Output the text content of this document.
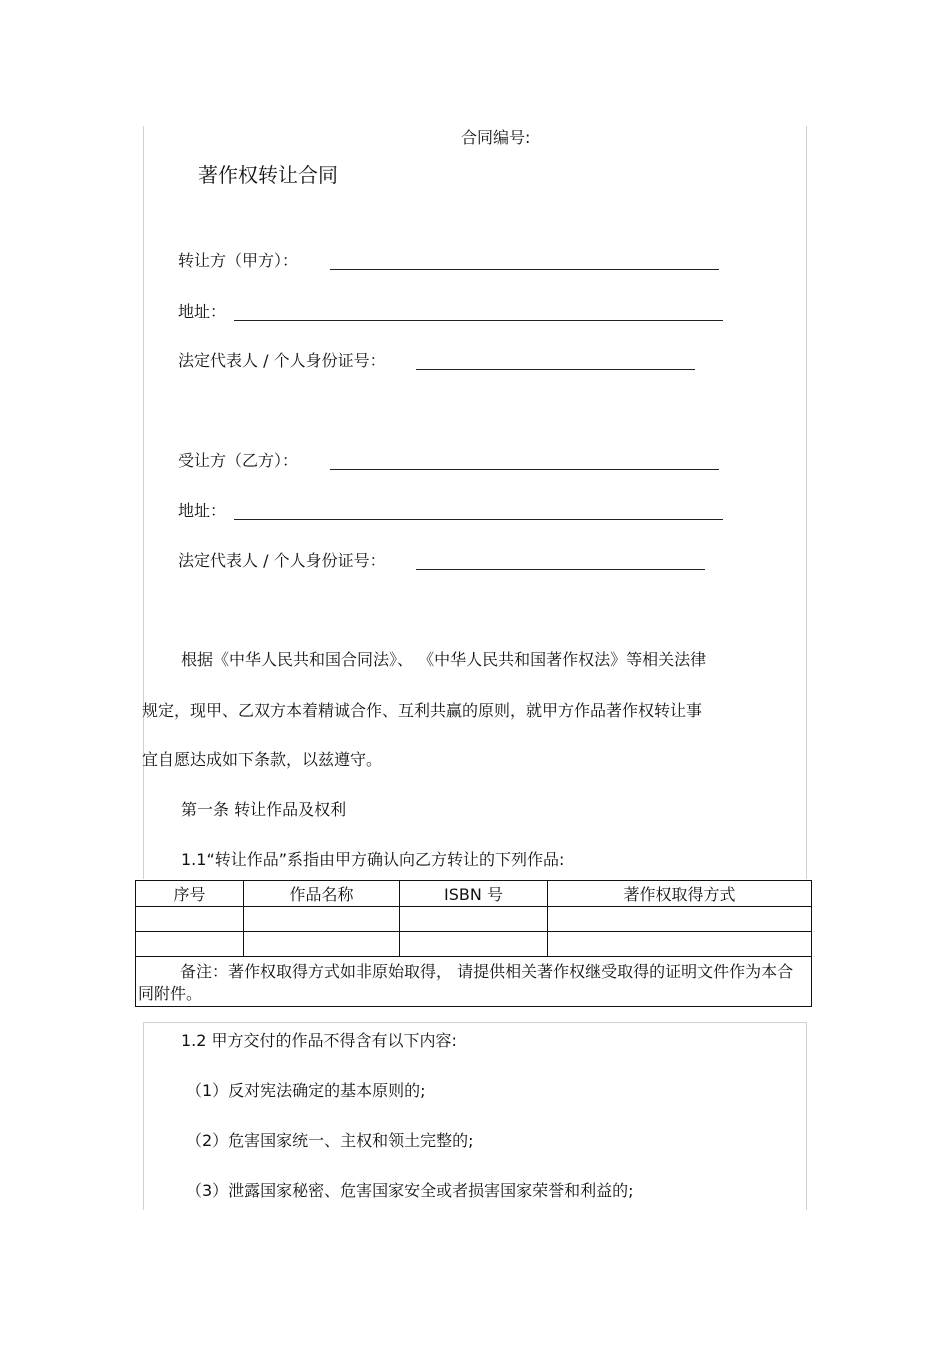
合同编号:
著作权转让合同
转让方（甲方）：
地址：
法定代表人 / 个人身份证号：
受让方（乙方）：
地址：
法定代表人 / 个人身份证号：
根据《中华人民共和国合同法》、 《中华人民共和国著作权法》等相关法律
规定，现甲、乙双方本着精诚合作、互利共赢的原则，就甲方作品著作权转让事
宜自愿达成如下条款，以兹遵守。
第一条 转让作品及权利
1.1“转让作品”系指由甲方确认向乙方转让的下列作品:
序号	作品名称	ISBN 号	著作权取得方式

备注：著作权取得方式如非原始取得， 请提供相关著作权继受取得的证明文件作为本合同附件。			
1.2 甲方交付的作品不得含有以下内容:
（1）反对宪法确定的基本原则的;
（2）危害国家统一、主权和领土完整的;
（3）泄露国家秘密、危害国家安全或者损害国家荣誉和利益的;
